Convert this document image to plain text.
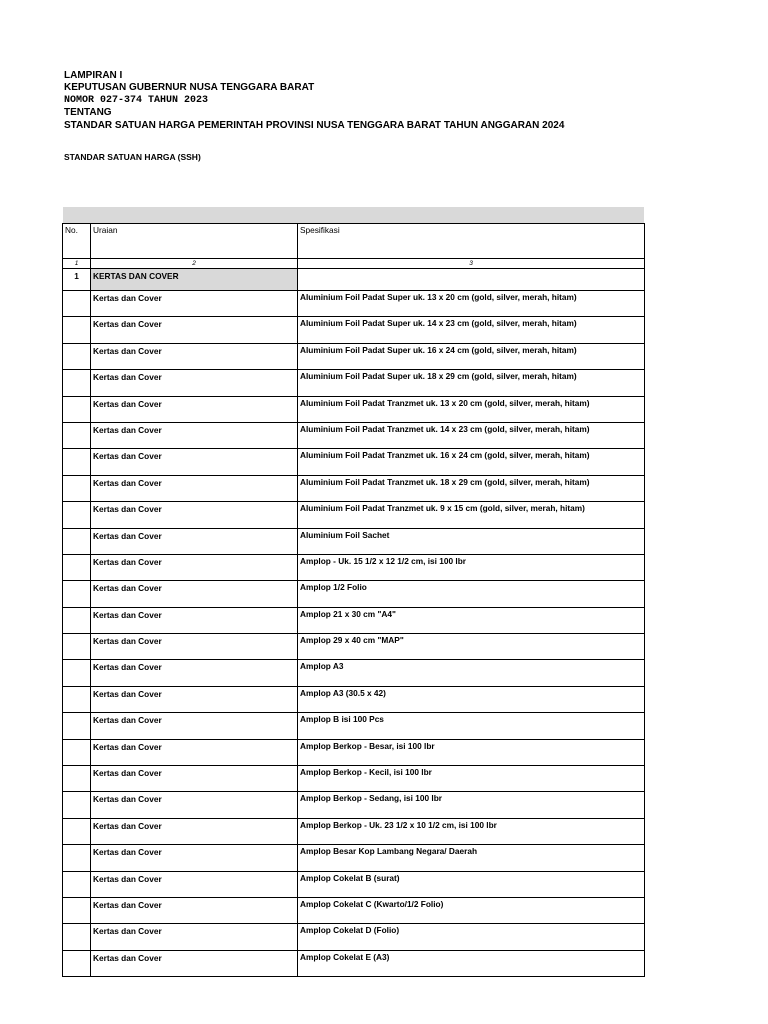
LAMPIRAN I
KEPUTUSAN GUBERNUR NUSA TENGGARA BARAT
NOMOR 027-374 TAHUN 2023
TENTANG
STANDAR SATUAN HARGA PEMERINTAH PROVINSI NUSA TENGGARA BARAT TAHUN ANGGARAN 2024
STANDAR SATUAN HARGA (SSH)
No.	Uraian	Spesifikasi
1	2	3
1	KERTAS DAN COVER	
	Kertas dan Cover	Aluminium Foil Padat Super uk. 13 x 20 cm (gold, silver, merah, hitam)
	Kertas dan Cover	Aluminium Foil Padat Super uk. 14 x 23 cm (gold, silver, merah, hitam)
	Kertas dan Cover	Aluminium Foil Padat Super uk. 16 x 24 cm (gold, silver, merah, hitam)
	Kertas dan Cover	Aluminium Foil Padat Super uk. 18 x 29 cm (gold, silver, merah, hitam)
	Kertas dan Cover	Aluminium Foil Padat Tranzmet uk. 13 x 20 cm (gold, silver, merah, hitam)
	Kertas dan Cover	Aluminium Foil Padat Tranzmet uk. 14 x 23 cm (gold, silver, merah, hitam)
	Kertas dan Cover	Aluminium Foil Padat Tranzmet uk. 16 x 24 cm (gold, silver, merah, hitam)
	Kertas dan Cover	Aluminium Foil Padat Tranzmet uk. 18 x 29 cm (gold, silver, merah, hitam)
	Kertas dan Cover	Aluminium Foil Padat Tranzmet uk. 9 x 15 cm (gold, silver, merah, hitam)
	Kertas dan Cover	Aluminium Foil Sachet
	Kertas dan Cover	Amplop - Uk. 15 1/2 x 12 1/2 cm, isi 100 lbr
	Kertas dan Cover	Amplop 1/2 Folio
	Kertas dan Cover	Amplop 21 x 30 cm "A4"
	Kertas dan Cover	Amplop 29 x 40 cm "MAP"
	Kertas dan Cover	Amplop A3
	Kertas dan Cover	Amplop A3 (30.5 x 42)
	Kertas dan Cover	Amplop B isi 100 Pcs
	Kertas dan Cover	Amplop Berkop - Besar, isi 100 lbr
	Kertas dan Cover	Amplop Berkop - Kecil, isi 100 lbr
	Kertas dan Cover	Amplop Berkop - Sedang, isi 100 lbr
	Kertas dan Cover	Amplop Berkop - Uk. 23 1/2 x 10 1/2 cm, isi 100 lbr
	Kertas dan Cover	Amplop Besar Kop Lambang Negara/ Daerah
	Kertas dan Cover	Amplop Cokelat B (surat)
	Kertas dan Cover	Amplop Cokelat C (Kwarto/1/2 Folio)
	Kertas dan Cover	Amplop Cokelat D (Folio)
	Kertas dan Cover	Amplop Cokelat E (A3)
